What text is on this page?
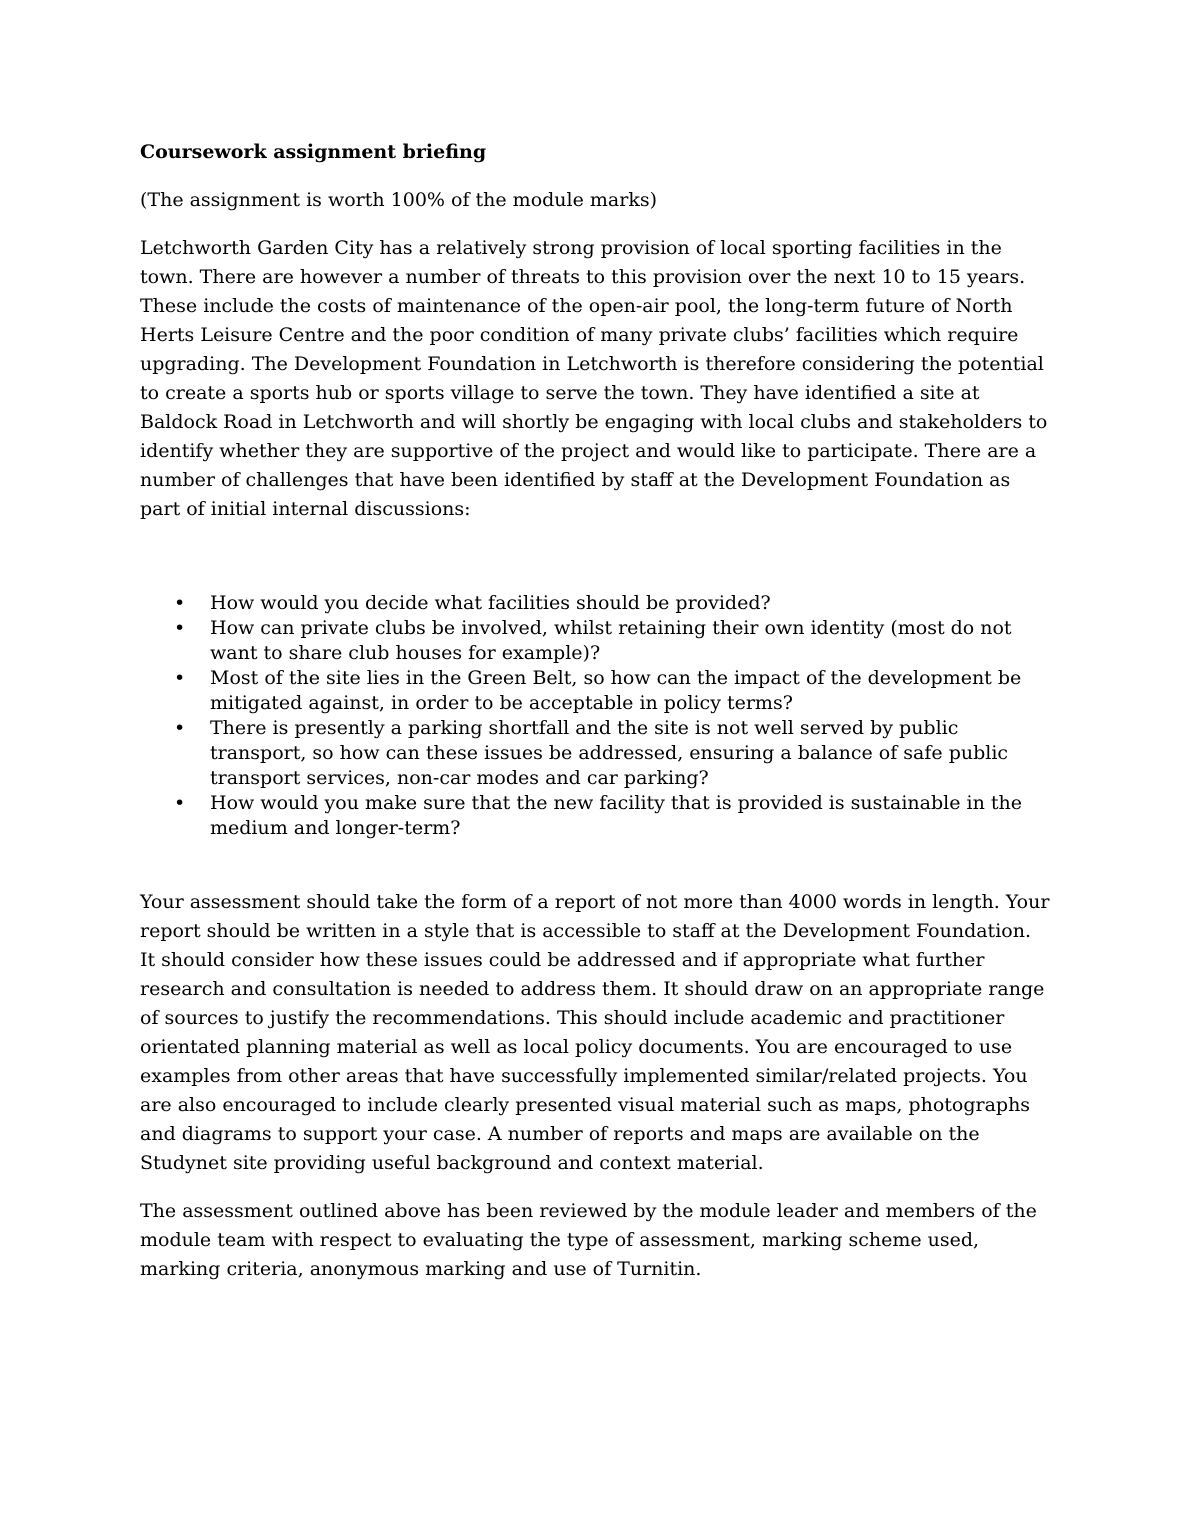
Coursework assignment briefing

(The assignment is worth 100% of the module marks)

Letchworth Garden City has a relatively strong provision of local sporting facilities in the town. There are however a number of threats to this provision over the next 10 to 15 years. These include the costs of maintenance of the open-air pool, the long-term future of North Herts Leisure Centre and the poor condition of many private clubs’ facilities which require upgrading. The Development Foundation in Letchworth is therefore considering the potential to create a sports hub or sports village to serve the town. They have identified a site at Baldock Road in Letchworth and will shortly be engaging with local clubs and stakeholders to identify whether they are supportive of the project and would like to participate. There are a number of challenges that have been identified by staff at the Development Foundation as part of initial internal discussions:

• How would you decide what facilities should be provided?
• How can private clubs be involved, whilst retaining their own identity (most do not want to share club houses for example)?
• Most of the site lies in the Green Belt, so how can the impact of the development be mitigated against, in order to be acceptable in policy terms?
• There is presently a parking shortfall and the site is not well served by public transport, so how can these issues be addressed, ensuring a balance of safe public transport services, non-car modes and car parking?
• How would you make sure that the new facility that is provided is sustainable in the medium and longer-term?

Your assessment should take the form of a report of not more than 4000 words in length. Your report should be written in a style that is accessible to staff at the Development Foundation. It should consider how these issues could be addressed and if appropriate what further research and consultation is needed to address them. It should draw on an appropriate range of sources to justify the recommendations. This should include academic and practitioner orientated planning material as well as local policy documents. You are encouraged to use examples from other areas that have successfully implemented similar/related projects. You are also encouraged to include clearly presented visual material such as maps, photographs and diagrams to support your case. A number of reports and maps are available on the Studynet site providing useful background and context material.

The assessment outlined above has been reviewed by the module leader and members of the module team with respect to evaluating the type of assessment, marking scheme used, marking criteria, anonymous marking and use of Turnitin.
